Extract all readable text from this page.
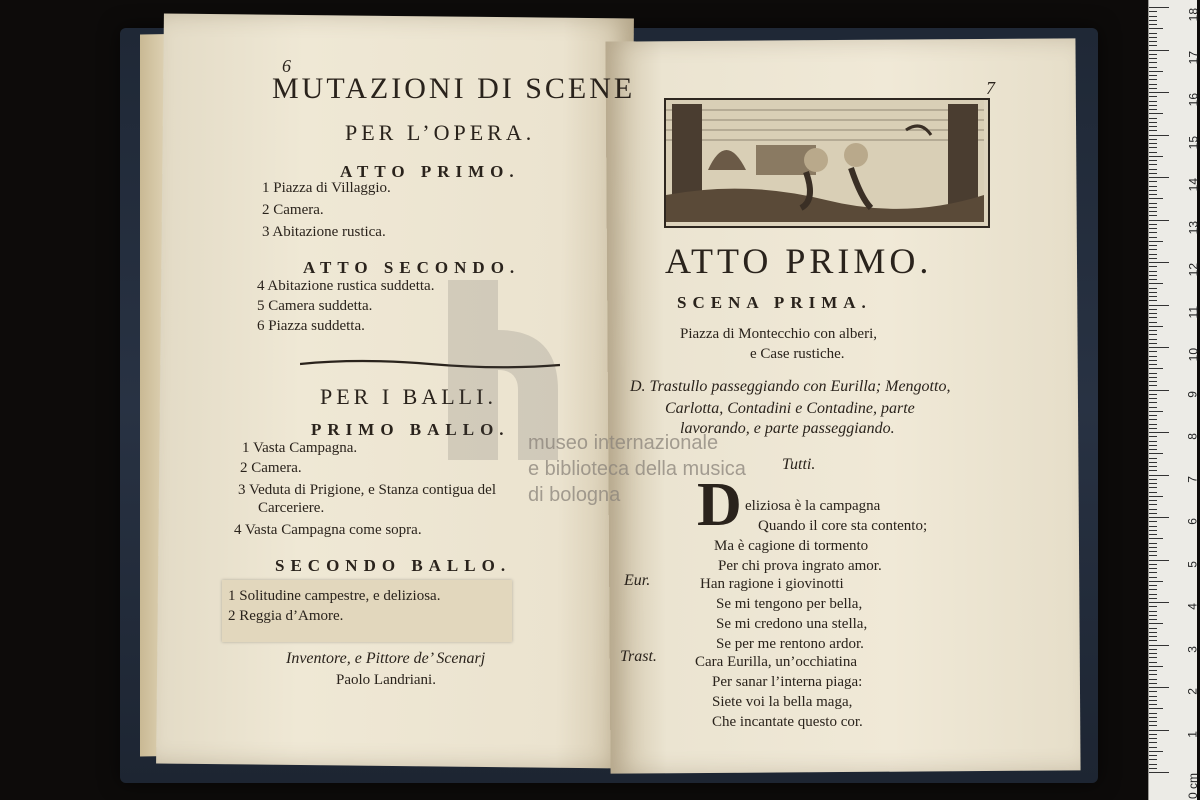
6
MUTAZIONI DI SCENE
PER L’OPERA.
ATTO PRIMO.
1 Piazza di Villaggio.
2 Camera.
3 Abitazione rustica.
ATTO SECONDO.
4 Abitazione rustica suddetta.
5 Camera suddetta.
6 Piazza suddetta.
PER I BALLI.
PRIMO BALLO.
1 Vasta Campagna.
2 Camera.
3 Veduta di Prigione, e Stanza contigua del
Carceriere.
4 Vasta Campagna come sopra.
SECONDO BALLO.
1 Solitudine campestre, e deliziosa.
2 Reggia d’Amore.
Inventore, e Pittore de’ Scenarj
Paolo Landriani.
museo internazionale
e biblioteca della musica
di bologna
7
ATTO PRIMO.
SCENA PRIMA.
Piazza di Montecchio con alberi,
e Case rustiche.
D. Trastullo passeggiando con Eurilla; Mengotto,
Carlotta, Contadini e Contadine, parte
lavorando, e parte passeggiando.
Tutti.
D eliziosa è la campagna
Quando il core sta contento;
Ma è cagione di tormento
Per chi prova ingrato amor.
Eur.	Han ragione i giovinotti
Se mi tengono per bella,
Se mi credono una stella,
Se per me rentono ardor.
Trast.	Cara Eurilla, un’occhiatina
Per sanar l’interna piaga:
Siete voi la bella maga,
Che incantate questo cor.
0 cm
1
2
3
4
5
6
7
8
9
10
11
12
13
14
15
16
17
18
